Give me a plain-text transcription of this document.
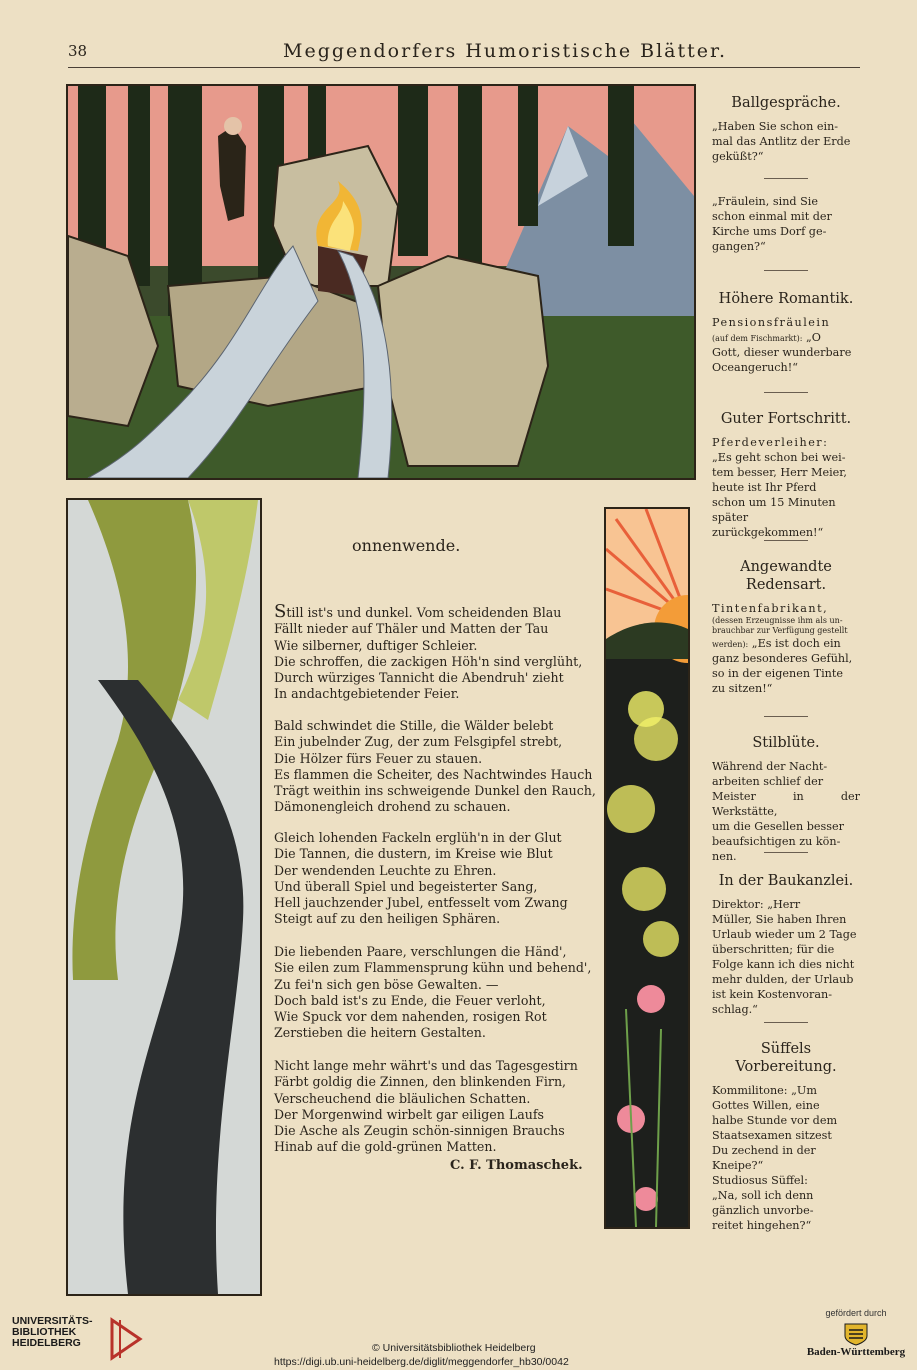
38	Meggendorfers Humoristische Blätter.
onnenwende.
Still ist's und dunkel. Vom scheidenden Blau
Fällt nieder auf Thäler und Matten der Tau
Wie silberner, duftiger Schleier.
Die schroffen, die zackigen Höh'n sind verglüht,
Durch würziges Tannicht die Abendruh' zieht
In andachtgebietender Feier.
Bald schwindet die Stille, die Wälder belebt
Ein jubelnder Zug, der zum Felsgipfel strebt,
Die Hölzer fürs Feuer zu stauen.
Es flammen die Scheiter, des Nachtwindes Hauch
Trägt weithin ins schweigende Dunkel den Rauch,
Dämonengleich drohend zu schauen.
Gleich lohenden Fackeln erglüh'n in der Glut
Die Tannen, die dustern, im Kreise wie Blut
Der wendenden Leuchte zu Ehren.
Und überall Spiel und begeisterter Sang,
Hell jauchzender Jubel, entfesselt vom Zwang
Steigt auf zu den heiligen Sphären.
Die liebenden Paare, verschlungen die Händ',
Sie eilen zum Flammensprung kühn und behend',
Zu fei'n sich gen böse Gewalten. —
Doch bald ist's zu Ende, die Feuer verloht,
Wie Spuck vor dem nahenden, rosigen Rot
Zerstieben die heitern Gestalten.
Nicht lange mehr währt's und das Tagesgestirn
Färbt goldig die Zinnen, den blinkenden Firn,
Verscheuchend die bläulichen Schatten.
Der Morgenwind wirbelt gar eiligen Laufs
Die Asche als Zeugin schön-sinnigen Brauchs
Hinab auf die gold-grünen Matten.
C. F. Thomaschek.
Ballgespräche.
„Haben Sie schon ein-
mal das Antlitz der Erde
geküßt?“
„Fräulein, sind Sie
schon einmal mit der
Kirche ums Dorf ge-
gangen?“
Höhere Romantik.
Pensionsfräulein
(auf dem Fischmarkt): „O
Gott, dieser wunderbare
Oceangeruch!“
Guter Fortschritt.
Pferdeverleiher:
„Es geht schon bei wei-
tem besser, Herr Meier,
heute ist Ihr Pferd
schon um 15 Minuten
später zurückgekommen!“
Angewandte
Redensart.
Tintenfabrikant,
(dessen Erzeugnisse ihm als un-
brauchbar zur Verfügung gestellt
werden): „Es ist doch ein
ganz besonderes Gefühl,
so in der eigenen Tinte
zu sitzen!“
Stilblüte.
Während der Nacht-
arbeiten schlief der
Meister in der Werkstätte,
um die Gesellen besser
beaufsichtigen zu kön-
nen.
In der Baukanzlei.
Direktor: „Herr
Müller, Sie haben Ihren
Urlaub wieder um 2 Tage
überschritten; für die
Folge kann ich dies nicht
mehr dulden, der Urlaub
ist kein Kostenvoran-
schlag.“
Süffels
Vorbereitung.
Kommilitone: „Um
Gottes Willen, eine
halbe Stunde vor dem
Staatsexamen sitzest
Du zechend in der
Kneipe?“
Studiosus Süffel:
„Na, soll ich denn
gänzlich unvorbe-
reitet hingehen?“
UNIVERSITÄTS-
BIBLIOTHEK
HEIDELBERG	© Universitätsbibliothek Heidelberg
https://digi.ub.uni-heidelberg.de/diglit/meggendorfer_hb30/0042
gefördert durch
Baden-Württemberg
